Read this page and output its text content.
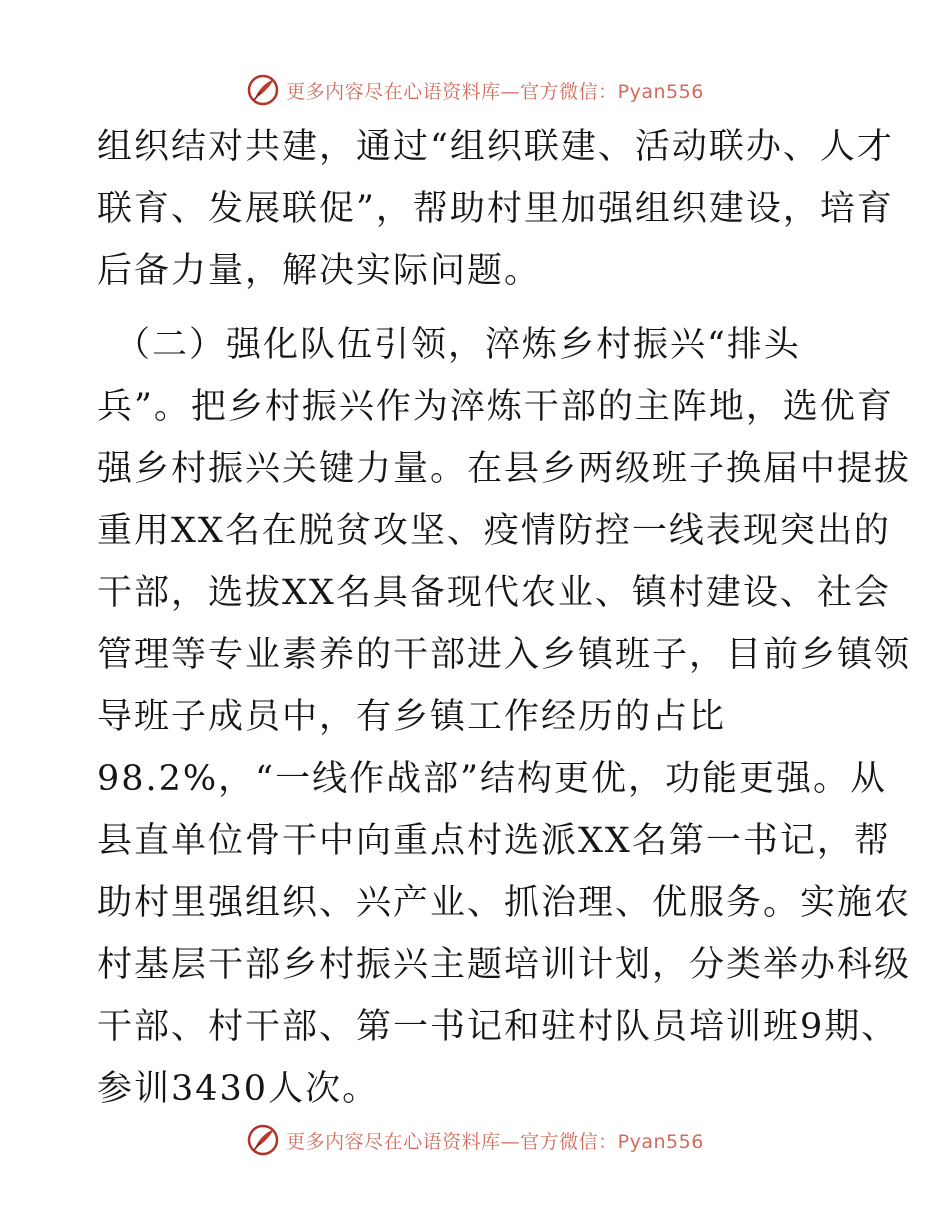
更多内容尽在心语资料库—官方微信：Pyan556
组织结对共建，通过“组织联建、活动联办、人才
联育、发展联促”，帮助村里加强组织建设，培育
后备力量，解决实际问题。
（二）强化队伍引领，淬炼乡村振兴“排头
兵”。把乡村振兴作为淬炼干部的主阵地，选优育
强乡村振兴关键力量。在县乡两级班子换届中提拔
重用XX名在脱贫攻坚、疫情防控一线表现突出的
干部，选拔XX名具备现代农业、镇村建设、社会
管理等专业素养的干部进入乡镇班子，目前乡镇领
导班子成员中，有乡镇工作经历的占比
98.2%，“一线作战部”结构更优，功能更强。从
县直单位骨干中向重点村选派XX名第一书记，帮
助村里强组织、兴产业、抓治理、优服务。实施农
村基层干部乡村振兴主题培训计划，分类举办科级
干部、村干部、第一书记和驻村队员培训班9期、
参训3430人次。
更多内容尽在心语资料库—官方微信：Pyan556
